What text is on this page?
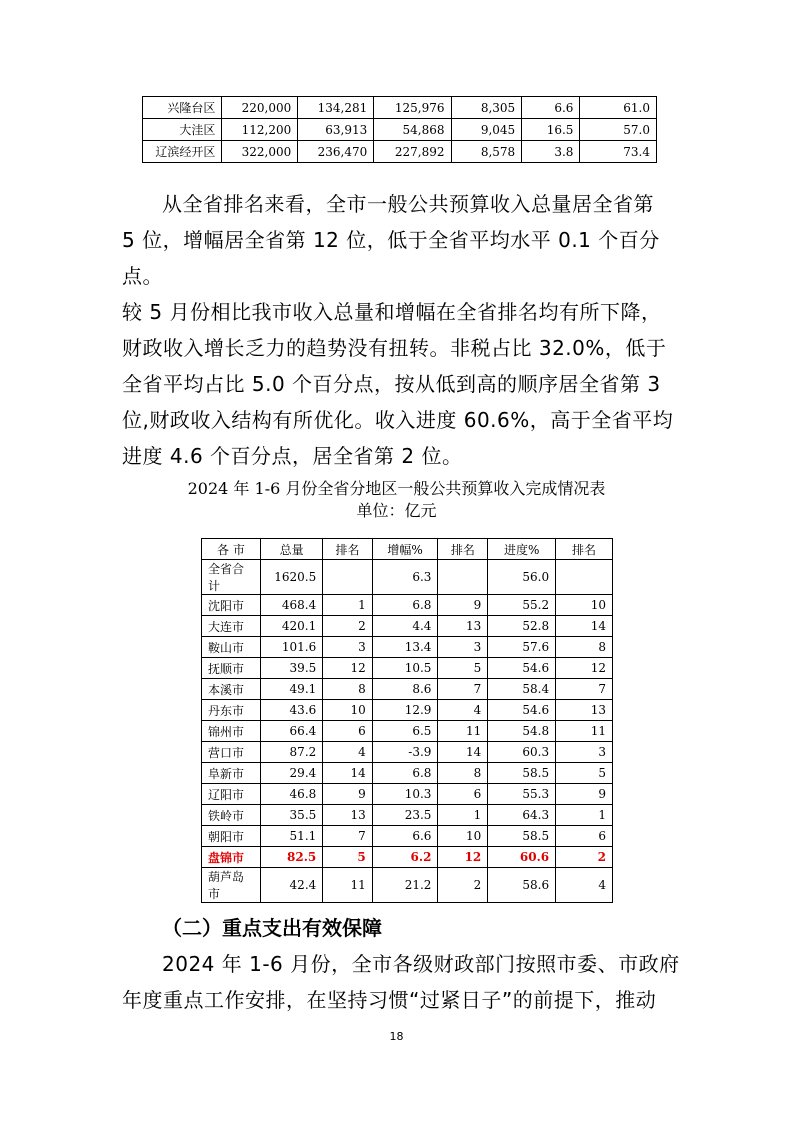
兴隆台区	220,000	134,281	125,976	8,305	6.6	61.0
大洼区	112,200	63,913	54,868	9,045	16.5	57.0
辽滨经开区	322,000	236,470	227,892	8,578	3.8	73.4

从全省排名来看，全市一般公共预算收入总量居全省第

5 位，增幅居全省第 12 位，低于全省平均水平 0.1 个百分点。

较 5 月份相比我市收入总量和增幅在全省排名均有所下降，

财政收入增长乏力的趋势没有扭转。非税占比 32.0%，低于

全省平均占比 5.0 个百分点，按从低到高的顺序居全省第 3

位,财政收入结构有所优化。收入进度 60.6%，高于全省平均

进度 4.6 个百分点，居全省第 2 位。

2024 年 1-6 月份全省分地区一般公共预算收入完成情况表
单位：亿元
各 市	总量	排名	增幅%	排名	进度%	排名
全省合计	1620.5		6.3		56.0	
沈阳市	468.4	1	6.8	9	55.2	10
大连市	420.1	2	4.4	13	52.8	14
鞍山市	101.6	3	13.4	3	57.6	8
抚顺市	39.5	12	10.5	5	54.6	12
本溪市	49.1	8	8.6	7	58.4	7
丹东市	43.6	10	12.9	4	54.6	13
锦州市	66.4	6	6.5	11	54.8	11
营口市	87.2	4	-3.9	14	60.3	3
阜新市	29.4	14	6.8	8	58.5	5
辽阳市	46.8	9	10.3	6	55.3	9
铁岭市	35.5	13	23.5	1	64.3	1
朝阳市	51.1	7	6.6	10	58.5	6
盘锦市	82.5	5	6.2	12	60.6	2
葫芦岛市	42.4	11	21.2	2	58.6	4
（二）重点支出有效保障

2024 年 1-6 月份，全市各级财政部门按照市委、市政府

年度重点工作安排，在坚持习惯“过紧日子”的前提下，推动

18
